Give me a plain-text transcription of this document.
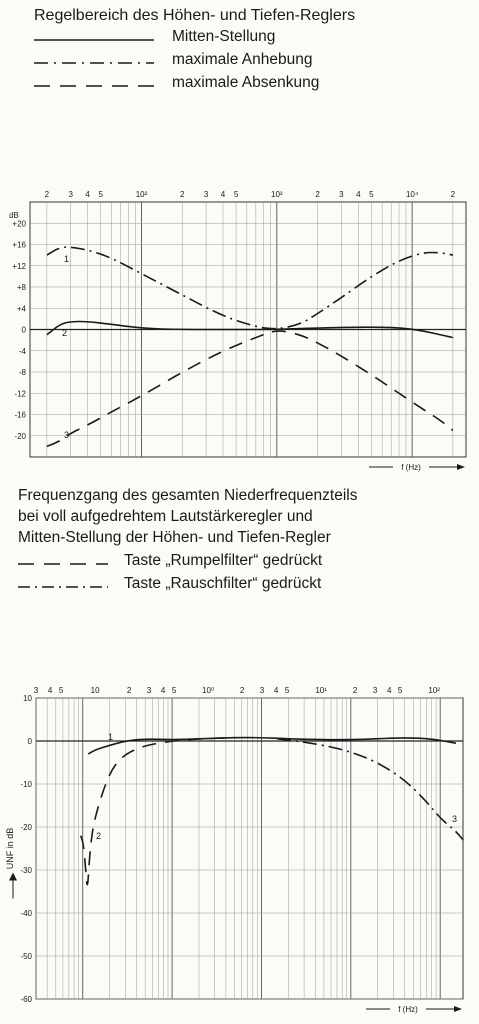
Regelbereich des Höhen- und Tiefen-Reglers
Mitten-Stellung
maximale Anhebung
maximale Absenkung
+20
+16
+12
+8
+4
0
-4
-8
-12
-16
-20
2 3 4 5	10²	2 3 4 5	10³	2 3 4 5	10⁴	2
dB
f (Hz)
1
2
3
Frequenzgang des gesamten Niederfrequenzteils
bei voll aufgedrehtem Lautstärkeregler und
Mitten-Stellung der Höhen- und Tiefen-Regler
Taste „Rumpelfilter“ gedrückt
Taste „Rauschfilter“ gedrückt
10
0
-10
-20
-30
-40
-50
-60
3 4 5	10	2 3 4 5	10⁰	2 3 4 5	10¹	2 3 4 5	10²
UNF in dB
f (Hz)
1
2
3
